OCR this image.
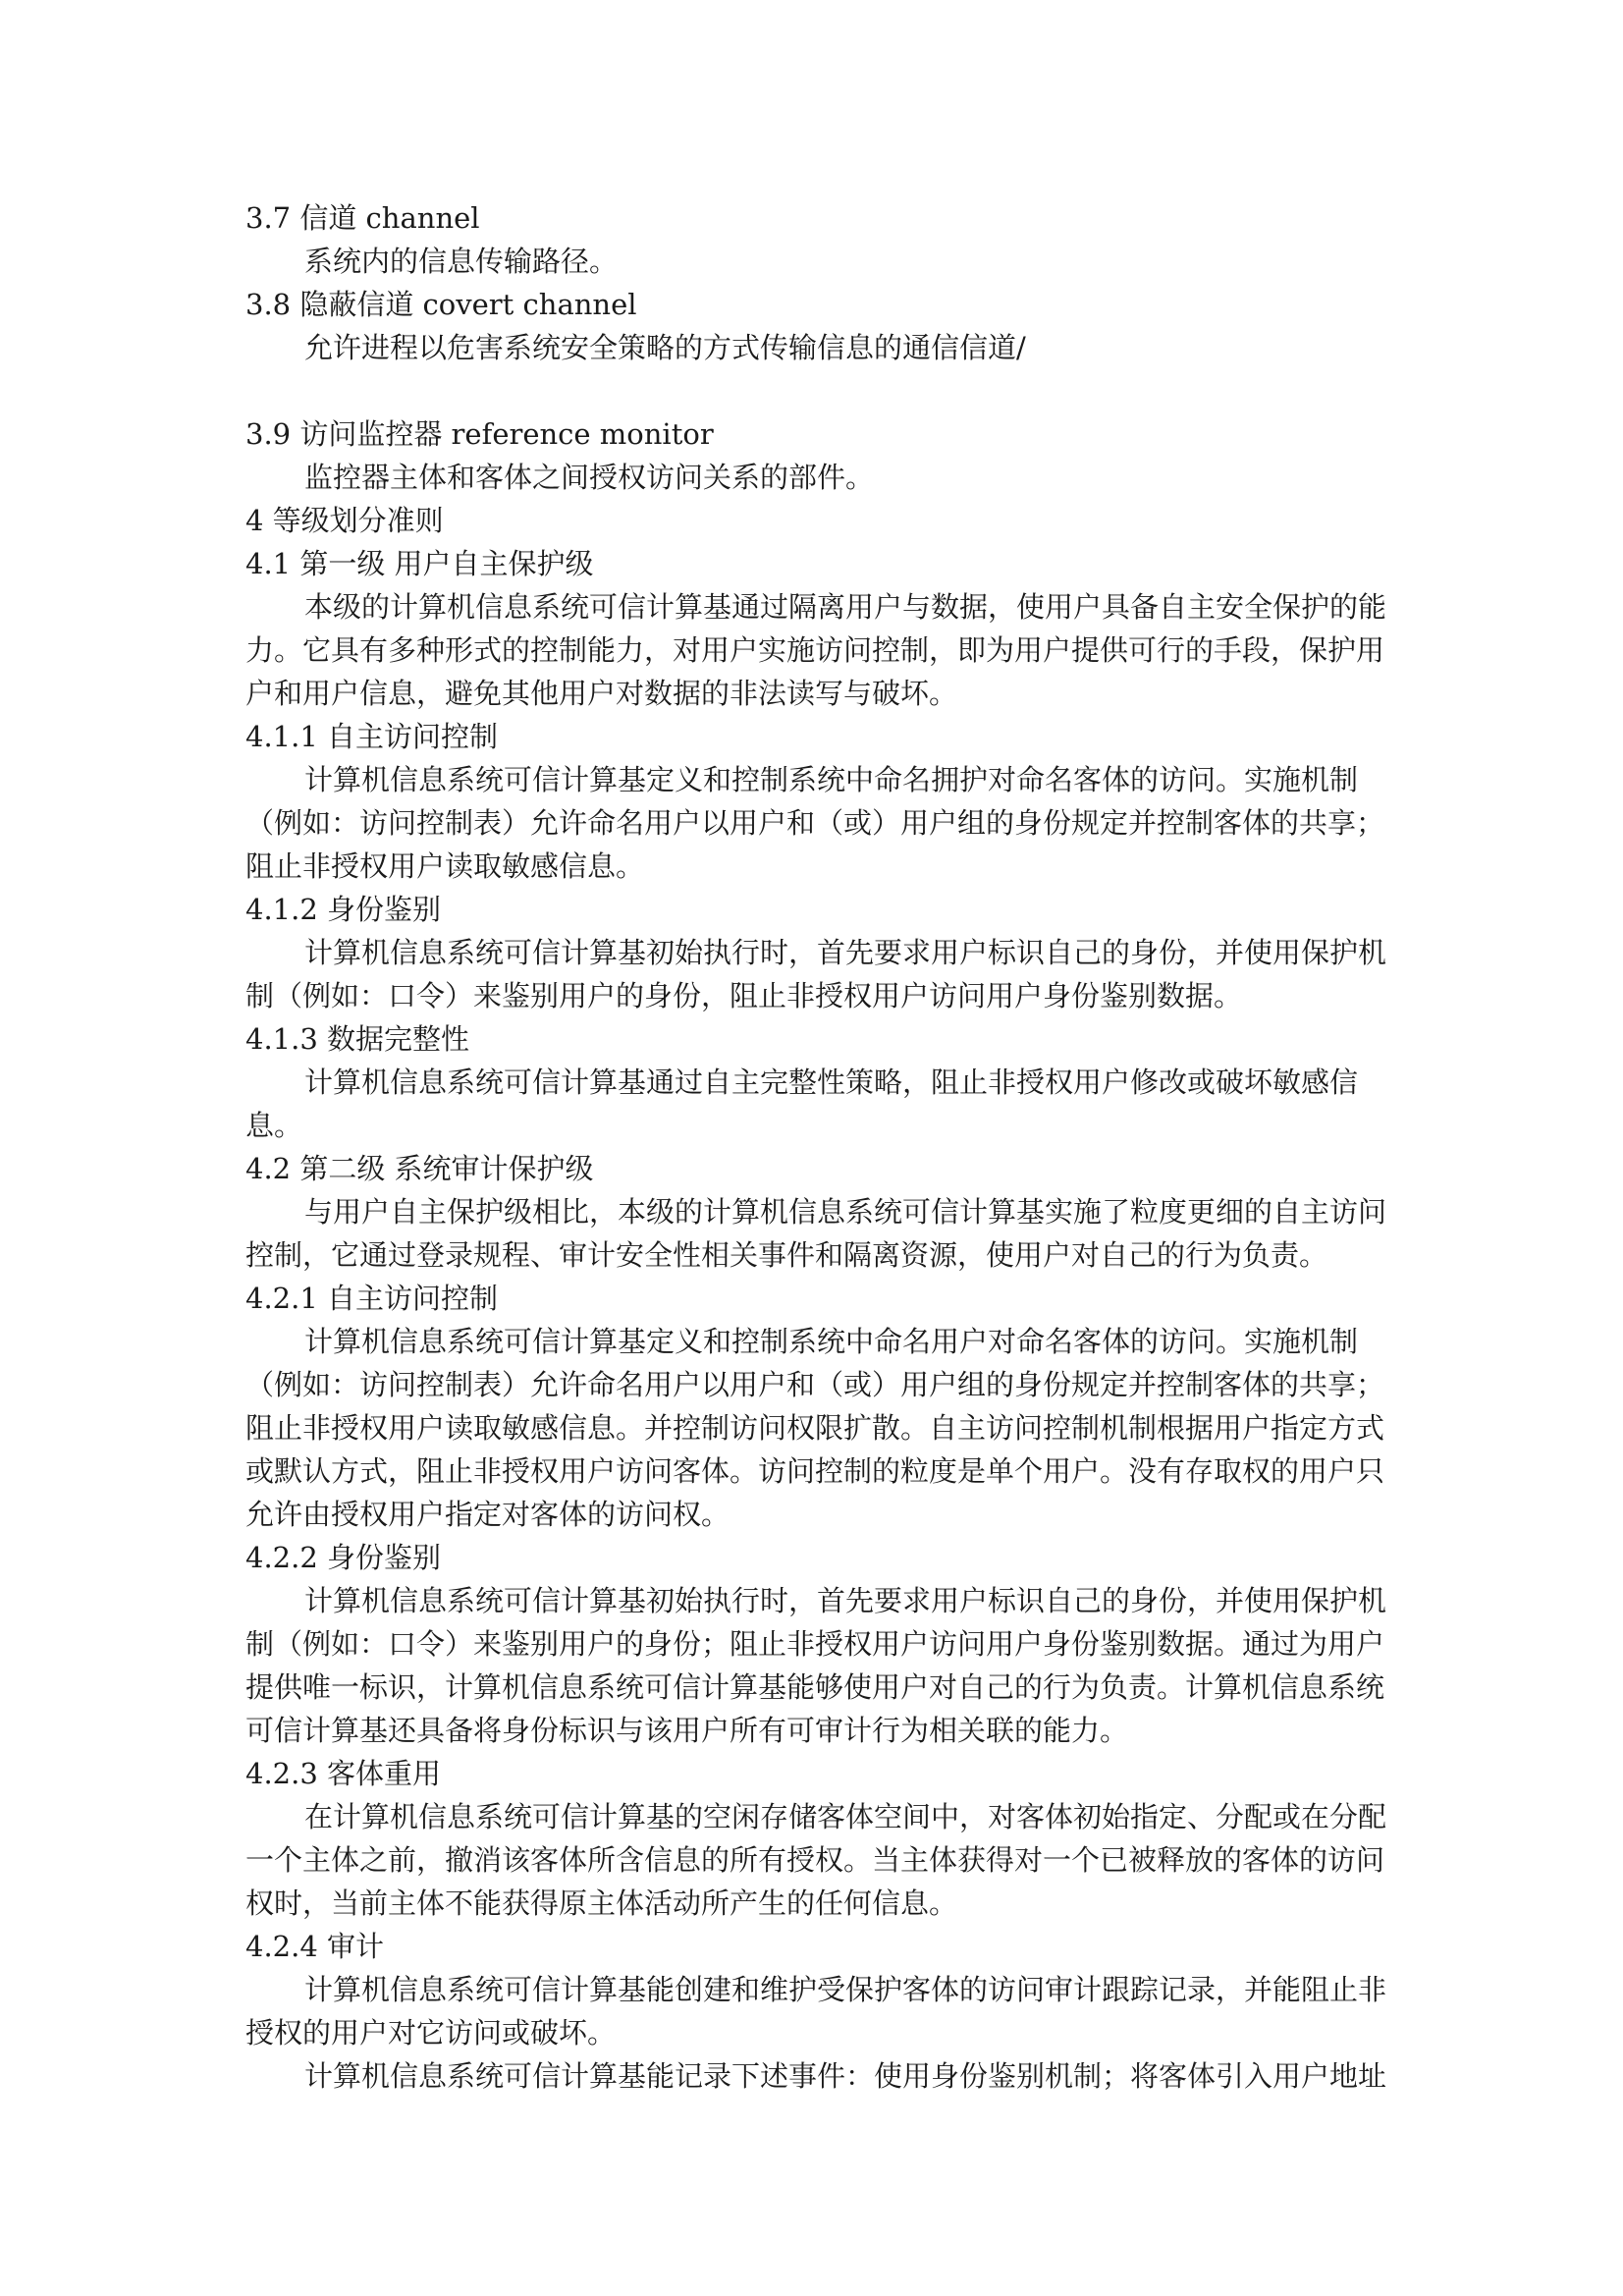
3.7 信道 channel
系统内的信息传输路径。
3.8 隐蔽信道 covert channel
允许进程以危害系统安全策略的方式传输信息的通信信道/
3.9 访问监控器 reference monitor
监控器主体和客体之间授权访问关系的部件。
4 等级划分准则
4.1 第一级 用户自主保护级
本级的计算机信息系统可信计算基通过隔离用户与数据，使用户具备自主安全保护的能
力。它具有多种形式的控制能力，对用户实施访问控制，即为用户提供可行的手段，保护用
户和用户信息，避免其他用户对数据的非法读写与破坏。
4.1.1 自主访问控制
计算机信息系统可信计算基定义和控制系统中命名拥护对命名客体的访问。实施机制
（例如：访问控制表）允许命名用户以用户和（或）用户组的身份规定并控制客体的共享；
阻止非授权用户读取敏感信息。
4.1.2 身份鉴别
计算机信息系统可信计算基初始执行时，首先要求用户标识自己的身份，并使用保护机
制（例如：口令）来鉴别用户的身份，阻止非授权用户访问用户身份鉴别数据。
4.1.3 数据完整性
计算机信息系统可信计算基通过自主完整性策略，阻止非授权用户修改或破坏敏感信
息。
4.2 第二级 系统审计保护级
与用户自主保护级相比，本级的计算机信息系统可信计算基实施了粒度更细的自主访问
控制，它通过登录规程、审计安全性相关事件和隔离资源，使用户对自己的行为负责。
4.2.1 自主访问控制
计算机信息系统可信计算基定义和控制系统中命名用户对命名客体的访问。实施机制
（例如：访问控制表）允许命名用户以用户和（或）用户组的身份规定并控制客体的共享；
阻止非授权用户读取敏感信息。并控制访问权限扩散。自主访问控制机制根据用户指定方式
或默认方式，阻止非授权用户访问客体。访问控制的粒度是单个用户。没有存取权的用户只
允许由授权用户指定对客体的访问权。
4.2.2 身份鉴别
计算机信息系统可信计算基初始执行时，首先要求用户标识自己的身份，并使用保护机
制（例如：口令）来鉴别用户的身份；阻止非授权用户访问用户身份鉴别数据。通过为用户
提供唯一标识，计算机信息系统可信计算基能够使用户对自己的行为负责。计算机信息系统
可信计算基还具备将身份标识与该用户所有可审计行为相关联的能力。
4.2.3 客体重用
在计算机信息系统可信计算基的空闲存储客体空间中，对客体初始指定、分配或在分配
一个主体之前，撤消该客体所含信息的所有授权。当主体获得对一个已被释放的客体的访问
权时，当前主体不能获得原主体活动所产生的任何信息。
4.2.4 审计
计算机信息系统可信计算基能创建和维护受保护客体的访问审计跟踪记录，并能阻止非
授权的用户对它访问或破坏。
计算机信息系统可信计算基能记录下述事件：使用身份鉴别机制；将客体引入用户地址
